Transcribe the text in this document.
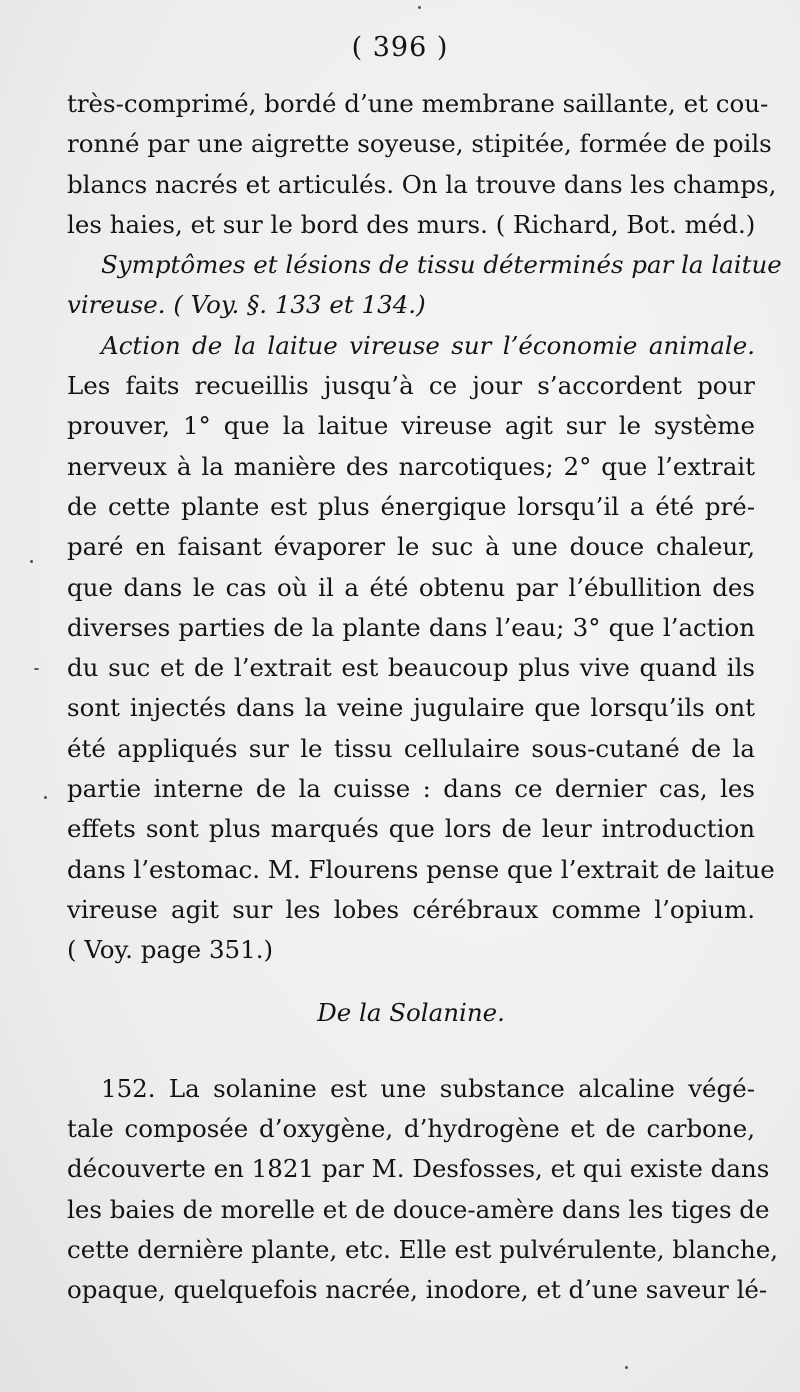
( 396 )
très-comprimé, bordé d’une membrane saillante, et cou-
ronné par une aigrette soyeuse, stipitée, formée de poils
blancs nacrés et articulés. On la trouve dans les champs,
les haies, et sur le bord des murs. ( Richard, Bot. méd.)
Symptômes et lésions de tissu déterminés par la laitue
vireuse. ( Voy. §. 133 et 134.)
Action de la laitue vireuse sur l’économie animale.
Les faits recueillis jusqu’à ce jour s’accordent pour
prouver, 1° que la laitue vireuse agit sur le système
nerveux à la manière des narcotiques; 2° que l’extrait
de cette plante est plus énergique lorsqu’il a été pré-
paré en faisant évaporer le suc à une douce chaleur,
que dans le cas où il a été obtenu par l’ébullition des
diverses parties de la plante dans l’eau; 3° que l’action
du suc et de l’extrait est beaucoup plus vive quand ils
sont injectés dans la veine jugulaire que lorsqu’ils ont
été appliqués sur le tissu cellulaire sous-cutané de la
partie interne de la cuisse : dans ce dernier cas, les
effets sont plus marqués que lors de leur introduction
dans l’estomac. M. Flourens pense que l’extrait de laitue
vireuse agit sur les lobes cérébraux comme l’opium.
( Voy. page 351.)
De la Solanine.
152. La solanine est une substance alcaline végé-
tale composée d’oxygène, d’hydrogène et de carbone,
découverte en 1821 par M. Desfosses, et qui existe dans
les baies de morelle et de douce-amère dans les tiges de
cette dernière plante, etc. Elle est pulvérulente, blanche,
opaque, quelquefois nacrée, inodore, et d’une saveur lé-
